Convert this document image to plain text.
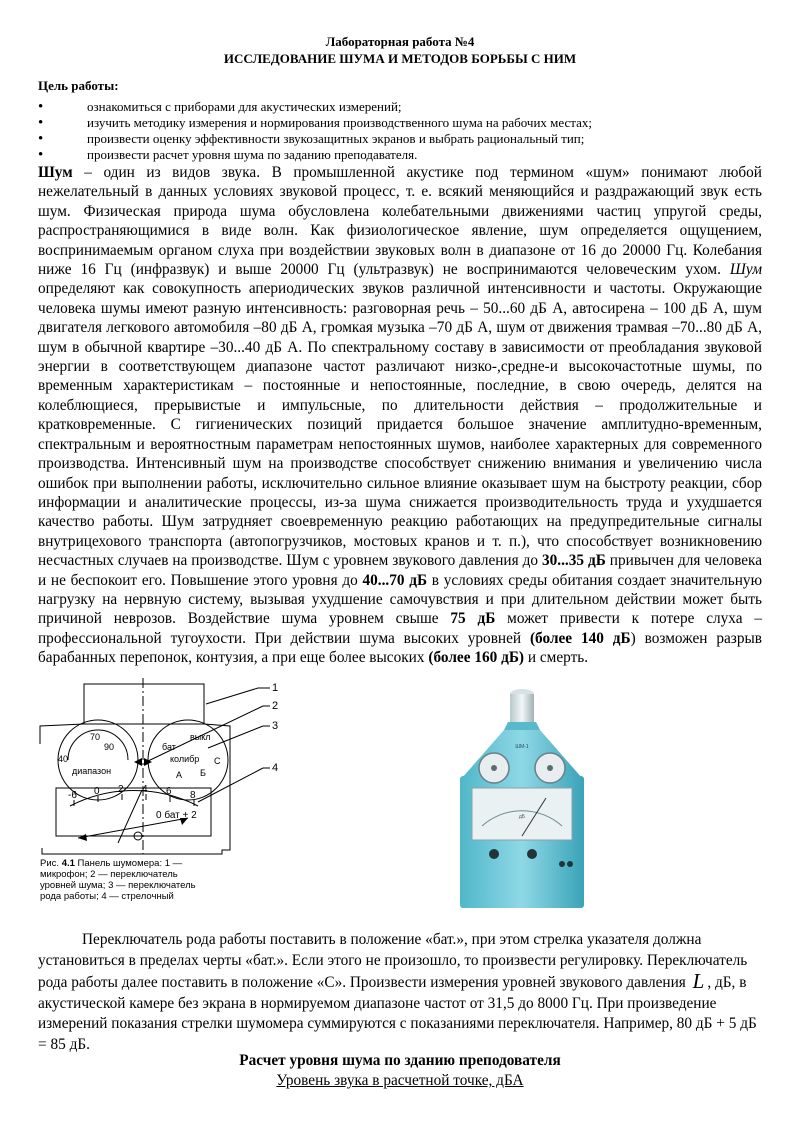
Лабораторная работа №4
ИССЛЕДОВАНИЕ ШУМА И МЕТОДОВ БОРЬБЫ С НИМ
Цель работы:
• ознакомиться с приборами для акустических измерений;
• изучить методику измерения и нормирования производственного шума на рабочих местах;
• произвести оценку эффективности звукозащитных экранов и выбрать рациональный тип;
• произвести расчет уровня шума по заданию преподавателя.

Шум – один из видов звука. В промышленной акустике под термином «шум» понимают любой нежелательный в данных условиях звуковой процесс, т. е. всякий меняющийся и раздражающий звук есть шум. Физическая природа шума обусловлена колебательными движениями частиц упругой среды, распространяющимися в виде волн. Как физиологическое явление, шум определяется ощущением, воспринимаемым органом слуха при воздействии звуковых волн в диапазоне от 16 до 20000 Гц. Колебания ниже 16 Гц (инфразвук) и выше 20000 Гц (ультразвук) не воспринимаются человеческим ухом. Шум определяют как совокупность апериодических звуков различной интенсивности и частоты. Окружающие человека шумы имеют разную интенсивность: разговорная речь – 50...60 дБ А, автосирена – 100 дБ А, шум двигателя легкового автомобиля –80 дБ А, громкая музыка –70 дБ А, шум от движения трамвая –70...80 дБ А, шум в обычной квартире –30...40 дБ А. По спектральному составу в зависимости от преобладания звуковой энергии в соответствующем диапазоне частот различают низко-,средне-и высокочастотные шумы, по временным характеристикам – постоянные и непостоянные, последние, в свою очередь, делятся на колеблющиеся, прерывистые и импульсные, по длительности действия – продолжительные и кратковременные. С гигиенических позиций придается большое значение амплитудно-временным, спектральным и вероятностным параметрам непостоянных шумов, наиболее характерных для современного производства. Интенсивный шум на производстве способствует снижению внимания и увеличению числа ошибок при выполнении работы, исключительно сильное влияние оказывает шум на быстроту реакции, сбор информации и аналитические процессы, из-за шума снижается производительность труда и ухудшается качество работы. Шум затрудняет своевременную реакцию работающих на предупредительные сигналы внутрицехового транспорта (автопогрузчиков, мостовых кранов и т. п.), что способствует возникновению несчастных случаев на производстве. Шум с уровнем звукового давления до 30...35 дБ привычен для человека и не беспокоит его. Повышение этого уровня до 40...70 дБ в условиях среды обитания создает значительную нагрузку на нервную систему, вызывая ухудшение самочувствия и при длительном действии может быть причиной неврозов. Воздействие шума уровнем свыше 75 дБ может привести к потере слуха – профессиональной тугоухости. При действии шума высоких уровней (более 140 дБ) возможен разрыв барабанных перепонок, контузия, а при еще более высоких (более 160 дБ) и смерть.

1
2
3
4
70
90
40
диапазон
выкл
бат
колибр С
А Б
-6 0 2 4 6 8
0 бат + 2
Рис. 4.1 Панель шумомера: 1 —
микрофон; 2 — переключатель
уровней шума; 3 — переключатель
рода работы; 4 — стрелочный
ШМ-1
дБ

Переключатель рода работы поставить в положение «бат.», при этом стрелка указателя должна установиться в пределах черты «бат.». Если этого не произошло, то произвести регулировку. Переключатель рода работы далее поставить в положение «С». Произвести измерения уровней звукового давления L , дБ, в акустической камере без экрана в нормируемом диапазоне частот от 31,5 до 8000 Гц. При произведение измерений показания стрелки шумомера суммируются с показаниями переключателя. Например, 80 дБ + 5 дБ = 85 дБ.

Расчет уровня шума по зданию преподователя
Уровень звука в расчетной точке, дБА
